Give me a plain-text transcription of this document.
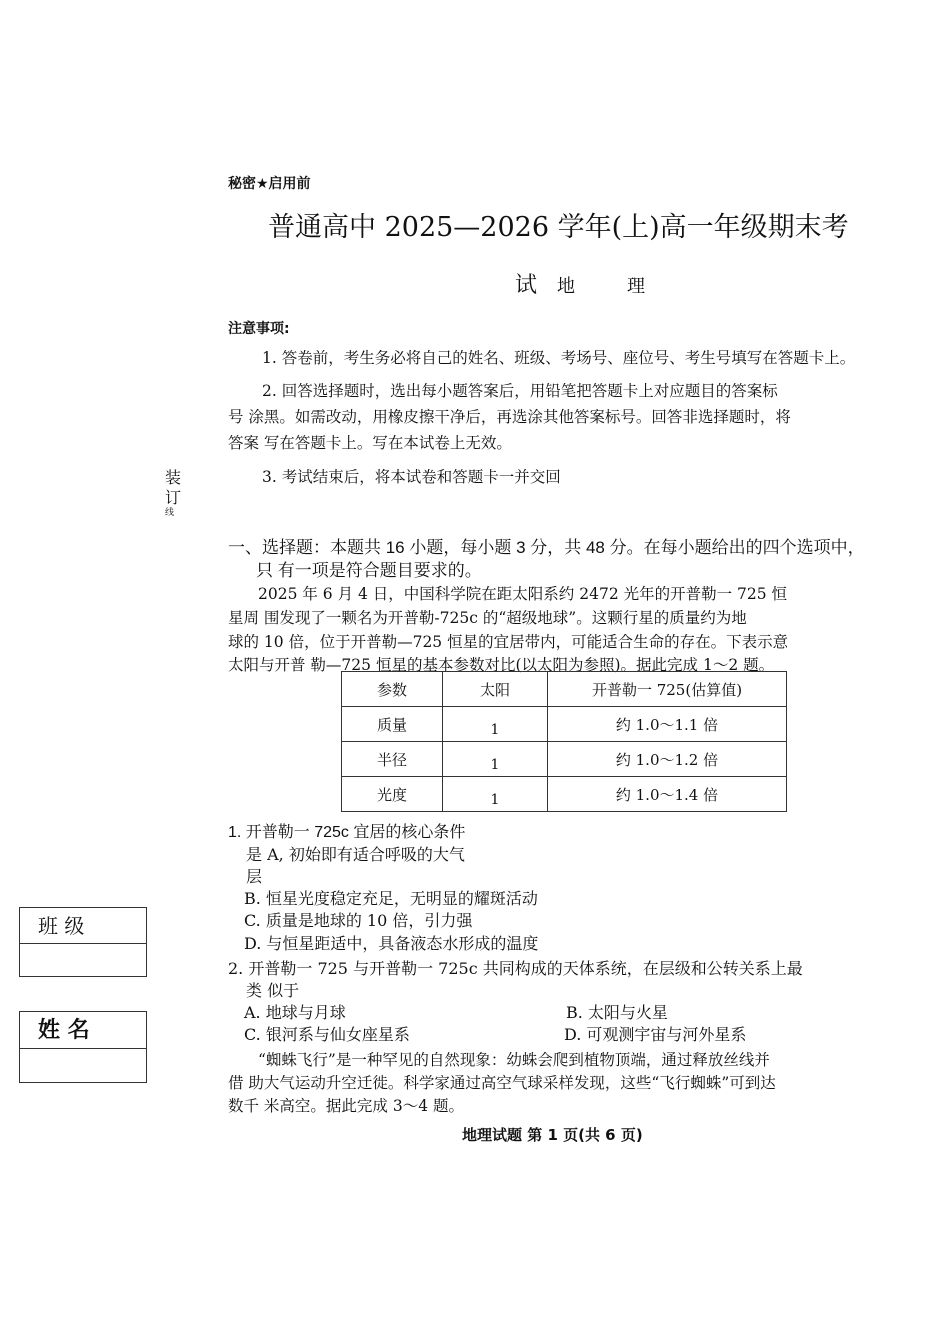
秘密★启用前
普通高中 2025—2026 学年(上)高一年级期末考
试 地	理
注意事项:
1. 答卷前，考生务必将自己的姓名、班级、考场号、座位号、考生号填写在答题卡上。
2. 回答选择题时，选出每小题答案后，用铅笔把答题卡上对应题目的答案标
号 涂黑。如需改动，用橡皮擦干净后，再选涂其他答案标号。回答非选择题时，将
答案 写在答题卡上。写在本试卷上无效。
3. 考试结束后，将本试卷和答题卡一并交回
装
订
线
一、选择题：本题共 16 小题，每小题 3 分，共 48 分。在每小题给出的四个选项中，
只 有一项是符合题目要求的。
2025 年 6 月 4 日，中国科学院在距太阳系约 2472 光年的开普勒一 725 恒
星周 围发现了一颗名为开普勒-725c 的“超级地球”。这颗行星的质量约为地
球的 10 倍，位于开普勒—725 恒星的宜居带内，可能适合生命的存在。下表示意
太阳与开普 勒—725 恒星的基本参数对比(以太阳为参照)。据此完成 1～2 题。
参数	太阳	开普勒一 725(估算值)
质量	1	约 1.0～1.1 倍
半径	1	约 1.0～1.2 倍
光度	1	约 1.0～1.4 倍
1. 开普勒一 725c 宜居的核心条件
是 A, 初始即有适合呼吸的大气
层
B. 恒星光度稳定充足，无明显的耀斑活动
C. 质量是地球的 10 倍，引力强
D. 与恒星距适中，具备液态水形成的温度
2. 开普勒一 725 与开普勒一 725c 共同构成的天体系统，在层级和公转关系上最
类 似于
A. 地球与月球	B. 太阳与火星
C. 银河系与仙女座星系	D. 可观测宇宙与河外星系
“蜘蛛飞行”是一种罕见的自然现象：幼蛛会爬到植物顶端，通过释放丝线并
借 助大气运动升空迁徙。科学家通过高空气球采样发现，这些“飞行蜘蛛”可到达
数千 米高空。据此完成 3～4 题。
班 级
姓 名
地理试题 第 1 页(共 6 页)
